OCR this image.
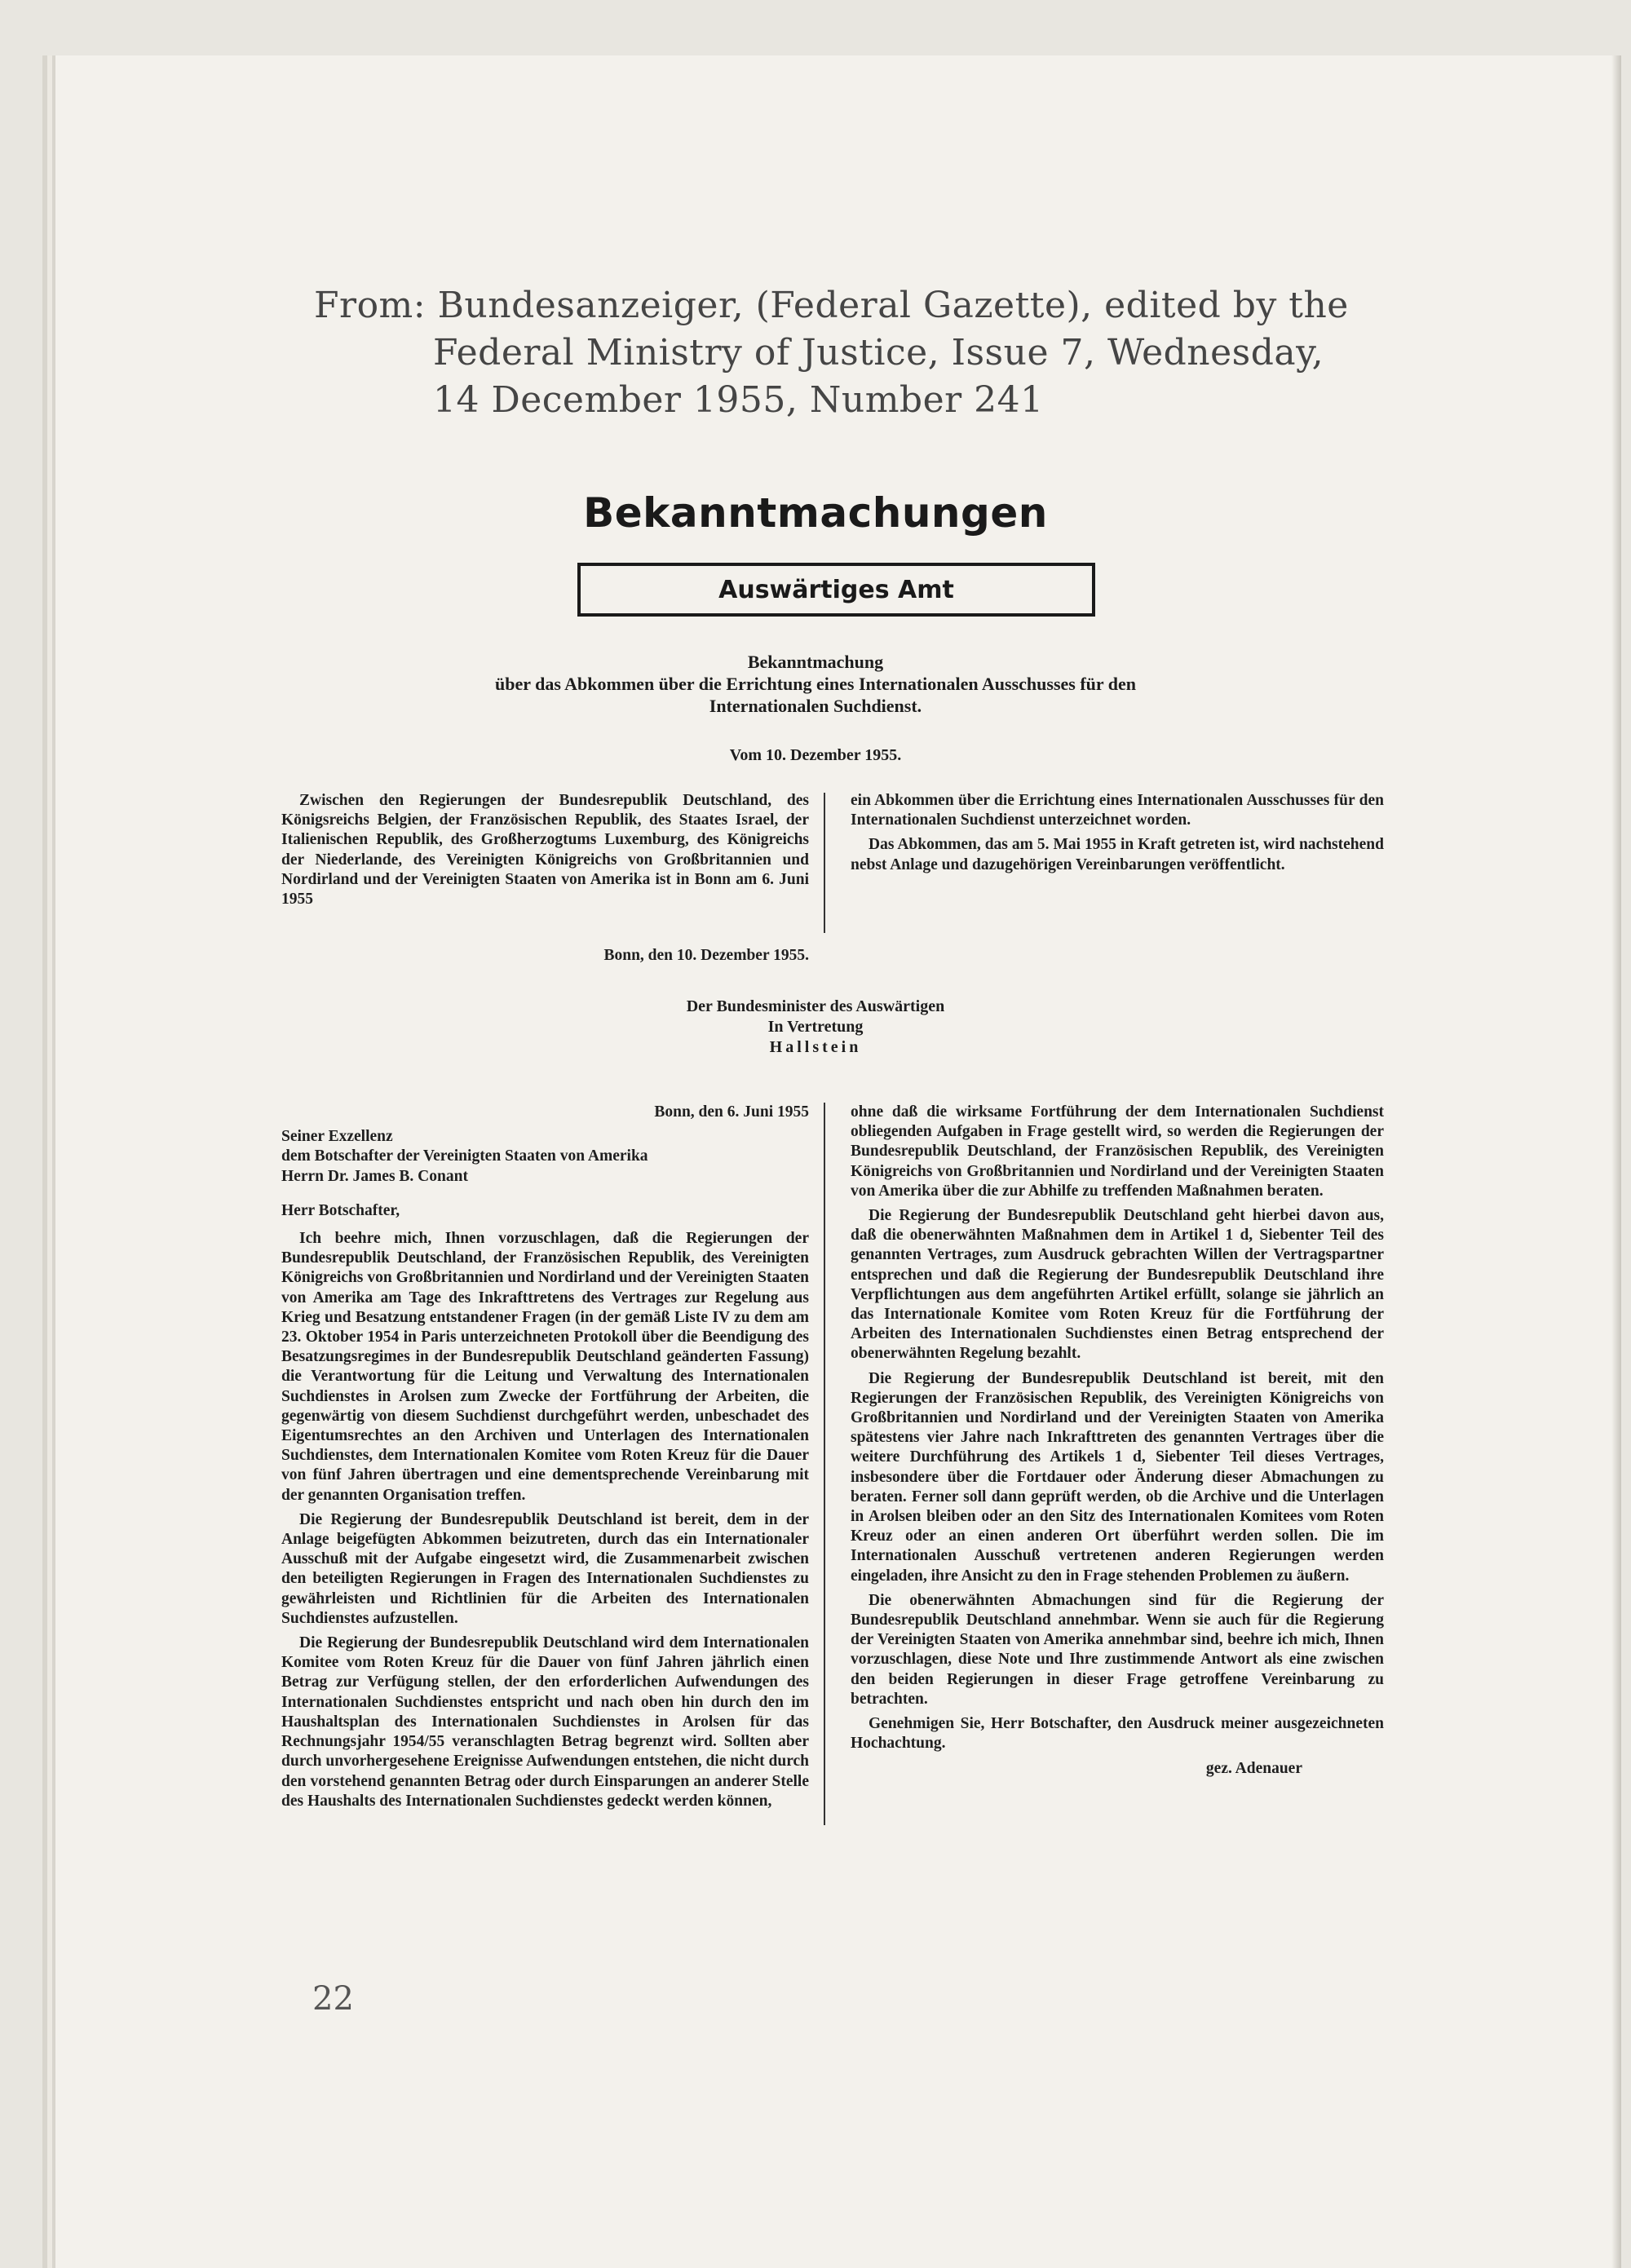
From: Bundesanzeiger, (Federal Gazette), edited by the
Federal Ministry of Justice, Issue 7, Wednesday,
14 December 1955, Number 241
Bekanntmachungen
Auswärtiges Amt
Bekanntmachung
über das Abkommen über die Errichtung eines Internationalen Ausschusses für den
Internationalen Suchdienst.
Vom 10. Dezember 1955.

Zwischen den Regierungen der Bundesrepublik Deutschland, des Königsreichs Belgien, der Französischen Republik, des Staates Israel, der Italienischen Republik, des Großherzogtums Luxemburg, des Königreichs der Niederlande, des Vereinigten Königreichs von Großbritannien und Nordirland und der Vereinigten Staaten von Amerika ist in Bonn am 6. Juni 1955

ein Abkommen über die Errichtung eines Internationalen Ausschusses für den Internationalen Suchdienst unterzeichnet worden.

Das Abkommen, das am 5. Mai 1955 in Kraft getreten ist, wird nachstehend nebst Anlage und dazugehörigen Vereinbarungen veröffentlicht.

Bonn, den 10. Dezember 1955.

Der Bundesminister des Auswärtigen
In Vertretung
Hallstein

Bonn, den 6. Juni 1955

Seiner Exzellenz

dem Botschafter der Vereinigten Staaten von Amerika

Herrn Dr. James B. Conant

Herr Botschafter,

Ich beehre mich, Ihnen vorzuschlagen, daß die Regierungen der Bundesrepublik Deutschland, der Französischen Republik, des Vereinigten Königreichs von Großbritannien und Nordirland und der Vereinigten Staaten von Amerika am Tage des Inkrafttretens des Vertrages zur Regelung aus Krieg und Besatzung entstandener Fragen (in der gemäß Liste IV zu dem am 23. Oktober 1954 in Paris unterzeichneten Protokoll über die Beendigung des Besatzungsregimes in der Bundesrepublik Deutschland geänderten Fassung) die Verantwortung für die Leitung und Verwaltung des Internationalen Suchdienstes in Arolsen zum Zwecke der Fortführung der Arbeiten, die gegenwärtig von diesem Suchdienst durchgeführt werden, unbeschadet des Eigentumsrechtes an den Archiven und Unterlagen des Internationalen Suchdienstes, dem Internationalen Komitee vom Roten Kreuz für die Dauer von fünf Jahren übertragen und eine dementsprechende Vereinbarung mit der genannten Organisation treffen.

Die Regierung der Bundesrepublik Deutschland ist bereit, dem in der Anlage beigefügten Abkommen beizutreten, durch das ein Internationaler Ausschuß mit der Aufgabe eingesetzt wird, die Zusammenarbeit zwischen den beteiligten Regierungen in Fragen des Internationalen Suchdienstes zu gewährleisten und Richtlinien für die Arbeiten des Internationalen Suchdienstes aufzustellen.

Die Regierung der Bundesrepublik Deutschland wird dem Internationalen Komitee vom Roten Kreuz für die Dauer von fünf Jahren jährlich einen Betrag zur Verfügung stellen, der den erforderlichen Aufwendungen des Internationalen Suchdienstes entspricht und nach oben hin durch den im Haushaltsplan des Internationalen Suchdienstes in Arolsen für das Rechnungsjahr 1954/55 veranschlagten Betrag begrenzt wird. Sollten aber durch unvorhergesehene Ereignisse Aufwendungen entstehen, die nicht durch den vorstehend genannten Betrag oder durch Einsparungen an anderer Stelle des Haushalts des Internationalen Suchdienstes gedeckt werden können,

ohne daß die wirksame Fortführung der dem Internationalen Suchdienst obliegenden Aufgaben in Frage gestellt wird, so werden die Regierungen der Bundesrepublik Deutschland, der Französischen Republik, des Vereinigten Königreichs von Großbritannien und Nordirland und der Vereinigten Staaten von Amerika über die zur Abhilfe zu treffenden Maßnahmen beraten.

Die Regierung der Bundesrepublik Deutschland geht hierbei davon aus, daß die obenerwähnten Maßnahmen dem in Artikel 1 d, Siebenter Teil des genannten Vertrages, zum Ausdruck gebrachten Willen der Vertragspartner entsprechen und daß die Regierung der Bundesrepublik Deutschland ihre Verpflichtungen aus dem angeführten Artikel erfüllt, solange sie jährlich an das Internationale Komitee vom Roten Kreuz für die Fortführung der Arbeiten des Internationalen Suchdienstes einen Betrag entsprechend der obenerwähnten Regelung bezahlt.

Die Regierung der Bundesrepublik Deutschland ist bereit, mit den Regierungen der Französischen Republik, des Vereinigten Königreichs von Großbritannien und Nordirland und der Vereinigten Staaten von Amerika spätestens vier Jahre nach Inkrafttreten des genannten Vertrages über die weitere Durchführung des Artikels 1 d, Siebenter Teil dieses Vertrages, insbesondere über die Fortdauer oder Änderung dieser Abmachungen zu beraten. Ferner soll dann geprüft werden, ob die Archive und die Unterlagen in Arolsen bleiben oder an den Sitz des Internationalen Komitees vom Roten Kreuz oder an einen anderen Ort überführt werden sollen. Die im Internationalen Ausschuß vertretenen anderen Regierungen werden eingeladen, ihre Ansicht zu den in Frage stehenden Problemen zu äußern.

Die obenerwähnten Abmachungen sind für die Regierung der Bundesrepublik Deutschland annehmbar. Wenn sie auch für die Regierung der Vereinigten Staaten von Amerika annehmbar sind, beehre ich mich, Ihnen vorzuschlagen, diese Note und Ihre zustimmende Antwort als eine zwischen den beiden Regierungen in dieser Frage getroffene Vereinbarung zu betrachten.

Genehmigen Sie, Herr Botschafter, den Ausdruck meiner ausgezeichneten Hochachtung.

gez. Adenauer

22
